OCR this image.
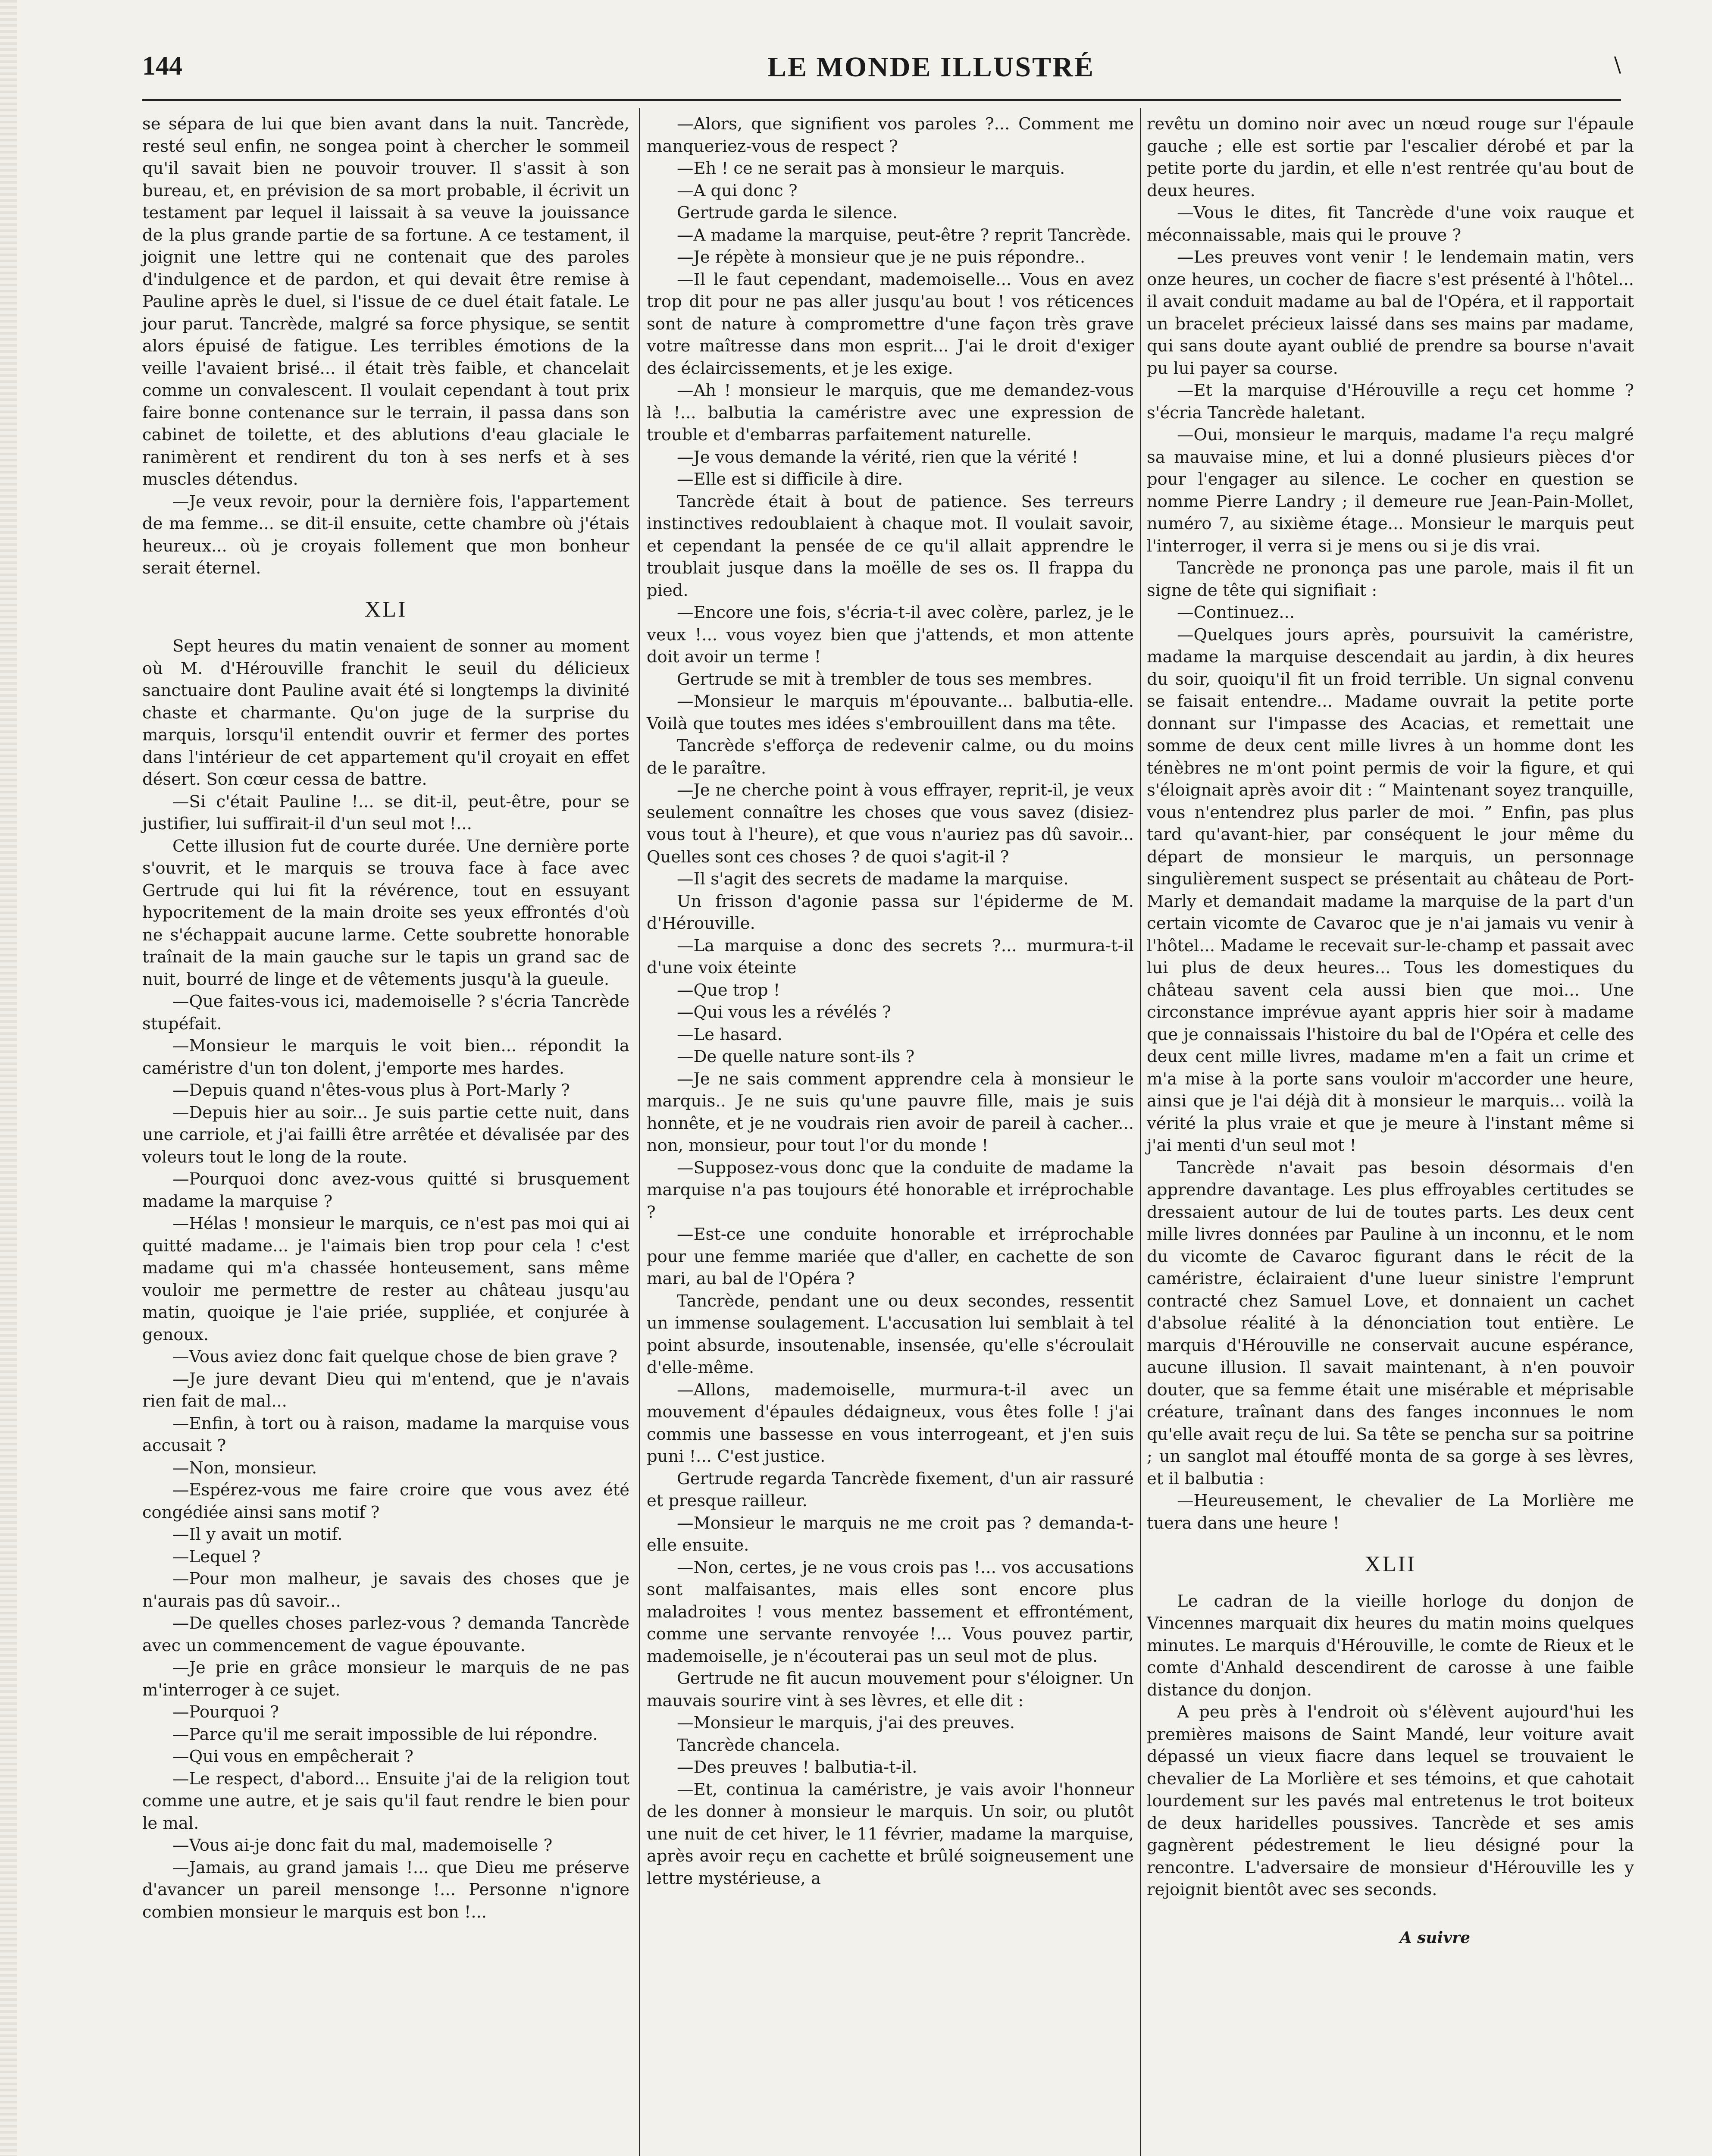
144	LE MONDE ILLUSTRÉ	\

se sépara de lui que bien avant dans la nuit. Tancrède, resté seul enfin, ne songea point à chercher le sommeil qu'il savait bien ne pouvoir trouver. Il s'assit à son bureau, et, en prévision de sa mort probable, il écrivit un testament par lequel il laissait à sa veuve la jouissance de la plus grande partie de sa fortune. A ce testament, il joignit une lettre qui ne contenait que des paroles d'indulgence et de pardon, et qui devait être remise à Pauline après le duel, si l'issue de ce duel était fatale. Le jour parut. Tancrède, malgré sa force physique, se sentit alors épuisé de fatigue. Les terribles émotions de la veille l'avaient brisé... il était très faible, et chancelait comme un convalescent. Il voulait cependant à tout prix faire bonne contenance sur le terrain, il passa dans son cabinet de toilette, et des ablutions d'eau glaciale le ranimèrent et rendirent du ton à ses nerfs et à ses muscles détendus.

—Je veux revoir, pour la dernière fois, l'appartement de ma femme... se dit-il ensuite, cette chambre où j'étais heureux... où je croyais follement que mon bonheur serait éternel.

XLI

Sept heures du matin venaient de sonner au moment où M. d'Hérouville franchit le seuil du délicieux sanctuaire dont Pauline avait été si longtemps la divinité chaste et charmante. Qu'on juge de la surprise du marquis, lorsqu'il entendit ouvrir et fermer des portes dans l'intérieur de cet appartement qu'il croyait en effet désert. Son cœur cessa de battre.

—Si c'était Pauline !... se dit-il, peut-être, pour se justifier, lui suffirait-il d'un seul mot !...

Cette illusion fut de courte durée. Une dernière porte s'ouvrit, et le marquis se trouva face à face avec Gertrude qui lui fit la révérence, tout en essuyant hypocritement de la main droite ses yeux effrontés d'où ne s'échappait aucune larme. Cette soubrette honorable traînait de la main gauche sur le tapis un grand sac de nuit, bourré de linge et de vêtements jusqu'à la gueule.

—Que faites-vous ici, mademoiselle ? s'écria Tancrède stupéfait.

—Monsieur le marquis le voit bien... répondit la caméristre d'un ton dolent, j'emporte mes hardes.

—Depuis quand n'êtes-vous plus à Port-Marly ?

—Depuis hier au soir... Je suis partie cette nuit, dans une carriole, et j'ai failli être arrêtée et dévalisée par des voleurs tout le long de la route.

—Pourquoi donc avez-vous quitté si brusquement madame la marquise ?

—Hélas ! monsieur le marquis, ce n'est pas moi qui ai quitté madame... je l'aimais bien trop pour cela ! c'est madame qui m'a chassée honteusement, sans même vouloir me permettre de rester au château jusqu'au matin, quoique je l'aie priée, suppliée, et conjurée à genoux.

—Vous aviez donc fait quelque chose de bien grave ?

—Je jure devant Dieu qui m'entend, que je n'avais rien fait de mal...

—Enfin, à tort ou à raison, madame la marquise vous accusait ?

—Non, monsieur.

—Espérez-vous me faire croire que vous avez été congédiée ainsi sans motif ?

—Il y avait un motif.

—Lequel ?

—Pour mon malheur, je savais des choses que je n'aurais pas dû savoir...

—De quelles choses parlez-vous ? demanda Tancrède avec un commencement de vague épouvante.

—Je prie en grâce monsieur le marquis de ne pas m'interroger à ce sujet.

—Pourquoi ?

—Parce qu'il me serait impossible de lui répondre.

—Qui vous en empêcherait ?

—Le respect, d'abord... Ensuite j'ai de la religion tout comme une autre, et je sais qu'il faut rendre le bien pour le mal.

—Vous ai-je donc fait du mal, mademoiselle ?

—Jamais, au grand jamais !... que Dieu me préserve d'avancer un pareil mensonge !... Personne n'ignore combien monsieur le marquis est bon !...

—Alors, que signifient vos paroles ?... Comment me manqueriez-vous de respect ?

—Eh ! ce ne serait pas à monsieur le marquis.

—A qui donc ?

Gertrude garda le silence.

—A madame la marquise, peut-être ? reprit Tancrède.

—Je répète à monsieur que je ne puis répondre..

—Il le faut cependant, mademoiselle... Vous en avez trop dit pour ne pas aller jusqu'au bout ! vos réticences sont de nature à compromettre d'une façon très grave votre maîtresse dans mon esprit... J'ai le droit d'exiger des éclaircissements, et je les exige.

—Ah ! monsieur le marquis, que me demandez-vous là !... balbutia la caméristre avec une expression de trouble et d'embarras parfaitement naturelle.

—Je vous demande la vérité, rien que la vérité !

—Elle est si difficile à dire.

Tancrède était à bout de patience. Ses terreurs instinctives redoublaient à chaque mot. Il voulait savoir, et cependant la pensée de ce qu'il allait apprendre le troublait jusque dans la moëlle de ses os. Il frappa du pied.

—Encore une fois, s'écria-t-il avec colère, parlez, je le veux !... vous voyez bien que j'attends, et mon attente doit avoir un terme !

Gertrude se mit à trembler de tous ses membres.

—Monsieur le marquis m'épouvante... balbutia-elle. Voilà que toutes mes idées s'embrouillent dans ma tête.

Tancrède s'efforça de redevenir calme, ou du moins de le paraître.

—Je ne cherche point à vous effrayer, reprit-il, je veux seulement connaître les choses que vous savez (disiez-vous tout à l'heure), et que vous n'auriez pas dû savoir... Quelles sont ces choses ? de quoi s'agit-il ?

—Il s'agit des secrets de madame la marquise.

Un frisson d'agonie passa sur l'épiderme de M. d'Hérouville.

—La marquise a donc des secrets ?... murmura-t-il d'une voix éteinte

—Que trop !

—Qui vous les a révélés ?

—Le hasard.

—De quelle nature sont-ils ?

—Je ne sais comment apprendre cela à monsieur le marquis.. Je ne suis qu'une pauvre fille, mais je suis honnête, et je ne voudrais rien avoir de pareil à cacher... non, monsieur, pour tout l'or du monde !

—Supposez-vous donc que la conduite de madame la marquise n'a pas toujours été honorable et irréprochable ?

—Est-ce une conduite honorable et irréprochable pour une femme mariée que d'aller, en cachette de son mari, au bal de l'Opéra ?

Tancrède, pendant une ou deux secondes, ressentit un immense soulagement. L'accusation lui semblait à tel point absurde, insoutenable, insensée, qu'elle s'écroulait d'elle-même.

—Allons, mademoiselle, murmura-t-il avec un mouvement d'épaules dédaigneux, vous êtes folle ! j'ai commis une bassesse en vous interrogeant, et j'en suis puni !... C'est justice.

Gertrude regarda Tancrède fixement, d'un air rassuré et presque railleur.

—Monsieur le marquis ne me croit pas ? demanda-t-elle ensuite.

—Non, certes, je ne vous crois pas !... vos accusations sont malfaisantes, mais elles sont encore plus maladroites ! vous mentez bassement et effrontément, comme une servante renvoyée !... Vous pouvez partir, mademoiselle, je n'écouterai pas un seul mot de plus.

Gertrude ne fit aucun mouvement pour s'éloigner. Un mauvais sourire vint à ses lèvres, et elle dit :

—Monsieur le marquis, j'ai des preuves.

Tancrède chancela.

—Des preuves ! balbutia-t-il.

—Et, continua la caméristre, je vais avoir l'honneur de les donner à monsieur le marquis. Un soir, ou plutôt une nuit de cet hiver, le 11 février, madame la marquise, après avoir reçu en cachette et brûlé soigneusement une lettre mystérieuse, a

revêtu un domino noir avec un nœud rouge sur l'épaule gauche ; elle est sortie par l'escalier dérobé et par la petite porte du jardin, et elle n'est rentrée qu'au bout de deux heures.

—Vous le dites, fit Tancrède d'une voix rauque et méconnaissable, mais qui le prouve ?

—Les preuves vont venir ! le lendemain matin, vers onze heures, un cocher de fiacre s'est présenté à l'hôtel... il avait conduit madame au bal de l'Opéra, et il rapportait un bracelet précieux laissé dans ses mains par madame, qui sans doute ayant oublié de prendre sa bourse n'avait pu lui payer sa course.

—Et la marquise d'Hérouville a reçu cet homme ? s'écria Tancrède haletant.

—Oui, monsieur le marquis, madame l'a reçu malgré sa mauvaise mine, et lui a donné plusieurs pièces d'or pour l'engager au silence. Le cocher en question se nomme Pierre Landry ; il demeure rue Jean-Pain-Mollet, numéro 7, au sixième étage... Monsieur le marquis peut l'interroger, il verra si je mens ou si je dis vrai.

Tancrède ne prononça pas une parole, mais il fit un signe de tête qui signifiait :

—Continuez...

—Quelques jours après, poursuivit la caméristre, madame la marquise descendait au jardin, à dix heures du soir, quoiqu'il fit un froid terrible. Un signal convenu se faisait entendre... Madame ouvrait la petite porte donnant sur l'impasse des Acacias, et remettait une somme de deux cent mille livres à un homme dont les ténèbres ne m'ont point permis de voir la figure, et qui s'éloignait après avoir dit : “ Maintenant soyez tranquille, vous n'entendrez plus parler de moi. ” Enfin, pas plus tard qu'avant-hier, par conséquent le jour même du départ de monsieur le marquis, un personnage singulièrement suspect se présentait au château de Port-Marly et demandait madame la marquise de la part d'un certain vicomte de Cavaroc que je n'ai jamais vu venir à l'hôtel... Madame le recevait sur-le-champ et passait avec lui plus de deux heures... Tous les domestiques du château savent cela aussi bien que moi... Une circonstance imprévue ayant appris hier soir à madame que je connaissais l'histoire du bal de l'Opéra et celle des deux cent mille livres, madame m'en a fait un crime et m'a mise à la porte sans vouloir m'accorder une heure, ainsi que je l'ai déjà dit à monsieur le marquis... voilà la vérité la plus vraie et que je meure à l'instant même si j'ai menti d'un seul mot !

Tancrède n'avait pas besoin désormais d'en apprendre davantage. Les plus effroyables certitudes se dressaient autour de lui de toutes parts. Les deux cent mille livres données par Pauline à un inconnu, et le nom du vicomte de Cavaroc figurant dans le récit de la caméristre, éclairaient d'une lueur sinistre l'emprunt contracté chez Samuel Love, et donnaient un cachet d'absolue réalité à la dénonciation tout entière. Le marquis d'Hérouville ne conservait aucune espérance, aucune illusion. Il savait maintenant, à n'en pouvoir douter, que sa femme était une misérable et méprisable créature, traînant dans des fanges inconnues le nom qu'elle avait reçu de lui. Sa tête se pencha sur sa poitrine ; un sanglot mal étouffé monta de sa gorge à ses lèvres, et il balbutia :

—Heureusement, le chevalier de La Morlière me tuera dans une heure !

XLII

Le cadran de la vieille horloge du donjon de Vincennes marquait dix heures du matin moins quelques minutes. Le marquis d'Hérouville, le comte de Rieux et le comte d'Anhald descendirent de carosse à une faible distance du donjon.

A peu près à l'endroit où s'élèvent aujourd'hui les premières maisons de Saint Mandé, leur voiture avait dépassé un vieux fiacre dans lequel se trouvaient le chevalier de La Morlière et ses témoins, et que cahotait lourdement sur les pavés mal entretenus le trot boiteux de deux haridelles poussives. Tancrède et ses amis gagnèrent pédestrement le lieu désigné pour la rencontre. L'adversaire de monsieur d'Hérouville les y rejoignit bientôt avec ses seconds.

A suivre
